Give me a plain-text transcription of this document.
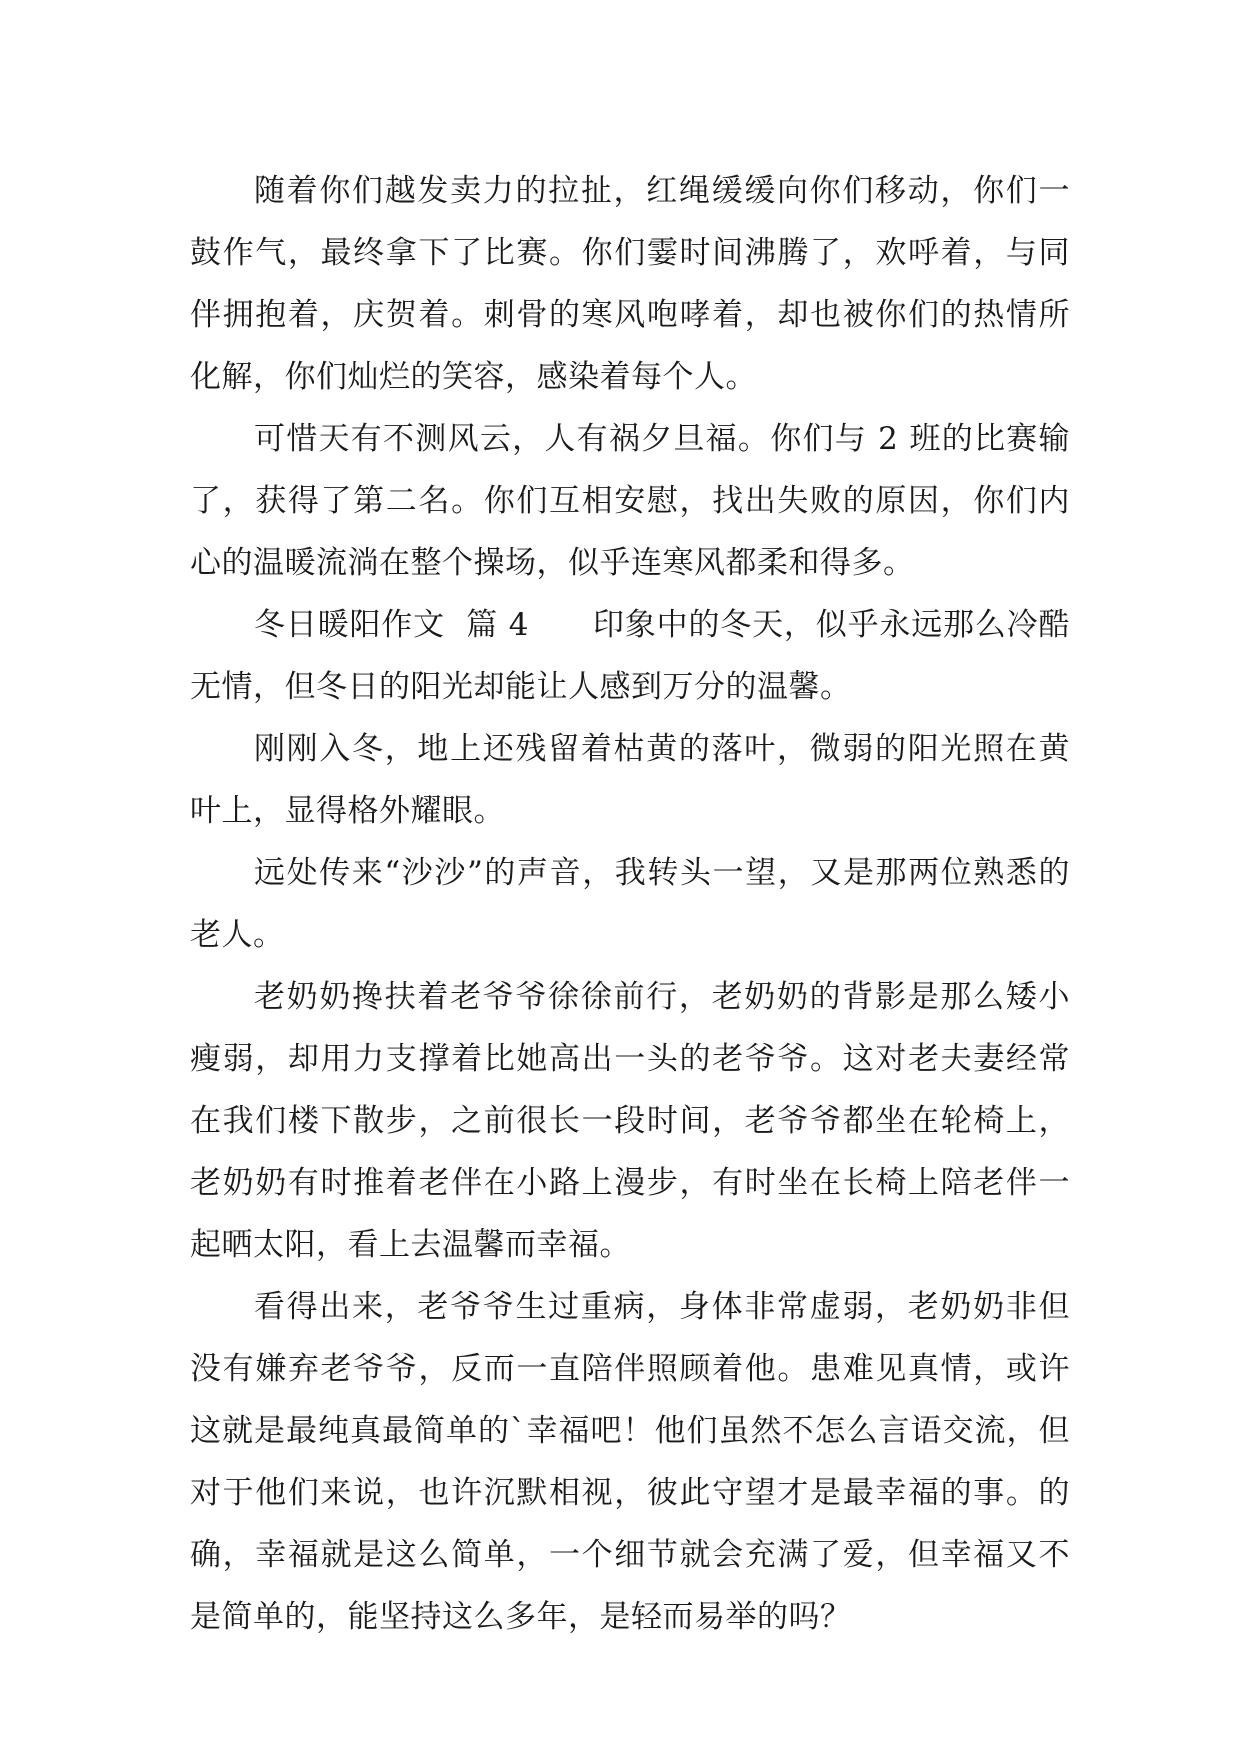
随着你们越发卖力的拉扯，红绳缓缓向你们移动，你们一鼓作气，最终拿下了比赛。你们霎时间沸腾了，欢呼着，与同伴拥抱着，庆贺着。刺骨的寒风咆哮着，却也被你们的热情所化解，你们灿烂的笑容，感染着每个人。

可惜天有不测风云，人有祸夕旦福。你们与 2 班的比赛输了，获得了第二名。你们互相安慰，找出失败的原因，你们内心的温暖流淌在整个操场，似乎连寒风都柔和得多。

冬日暖阳作文  篇 4      印象中的冬天，似乎永远那么冷酷无情，但冬日的阳光却能让人感到万分的温馨。

刚刚入冬，地上还残留着枯黄的落叶，微弱的阳光照在黄叶上，显得格外耀眼。

远处传来“沙沙”的声音，我转头一望，又是那两位熟悉的老人。

老奶奶搀扶着老爷爷徐徐前行，老奶奶的背影是那么矮小瘦弱，却用力支撑着比她高出一头的老爷爷。这对老夫妻经常在我们楼下散步，之前很长一段时间，老爷爷都坐在轮椅上，老奶奶有时推着老伴在小路上漫步，有时坐在长椅上陪老伴一起晒太阳，看上去温馨而幸福。

看得出来，老爷爷生过重病，身体非常虚弱，老奶奶非但没有嫌弃老爷爷，反而一直陪伴照顾着他。患难见真情，或许这就是最纯真最简单的`幸福吧！他们虽然不怎么言语交流，但对于他们来说，也许沉默相视，彼此守望才是最幸福的事。的确，幸福就是这么简单，一个细节就会充满了爱，但幸福又不是简单的，能坚持这么多年，是轻而易举的吗？
